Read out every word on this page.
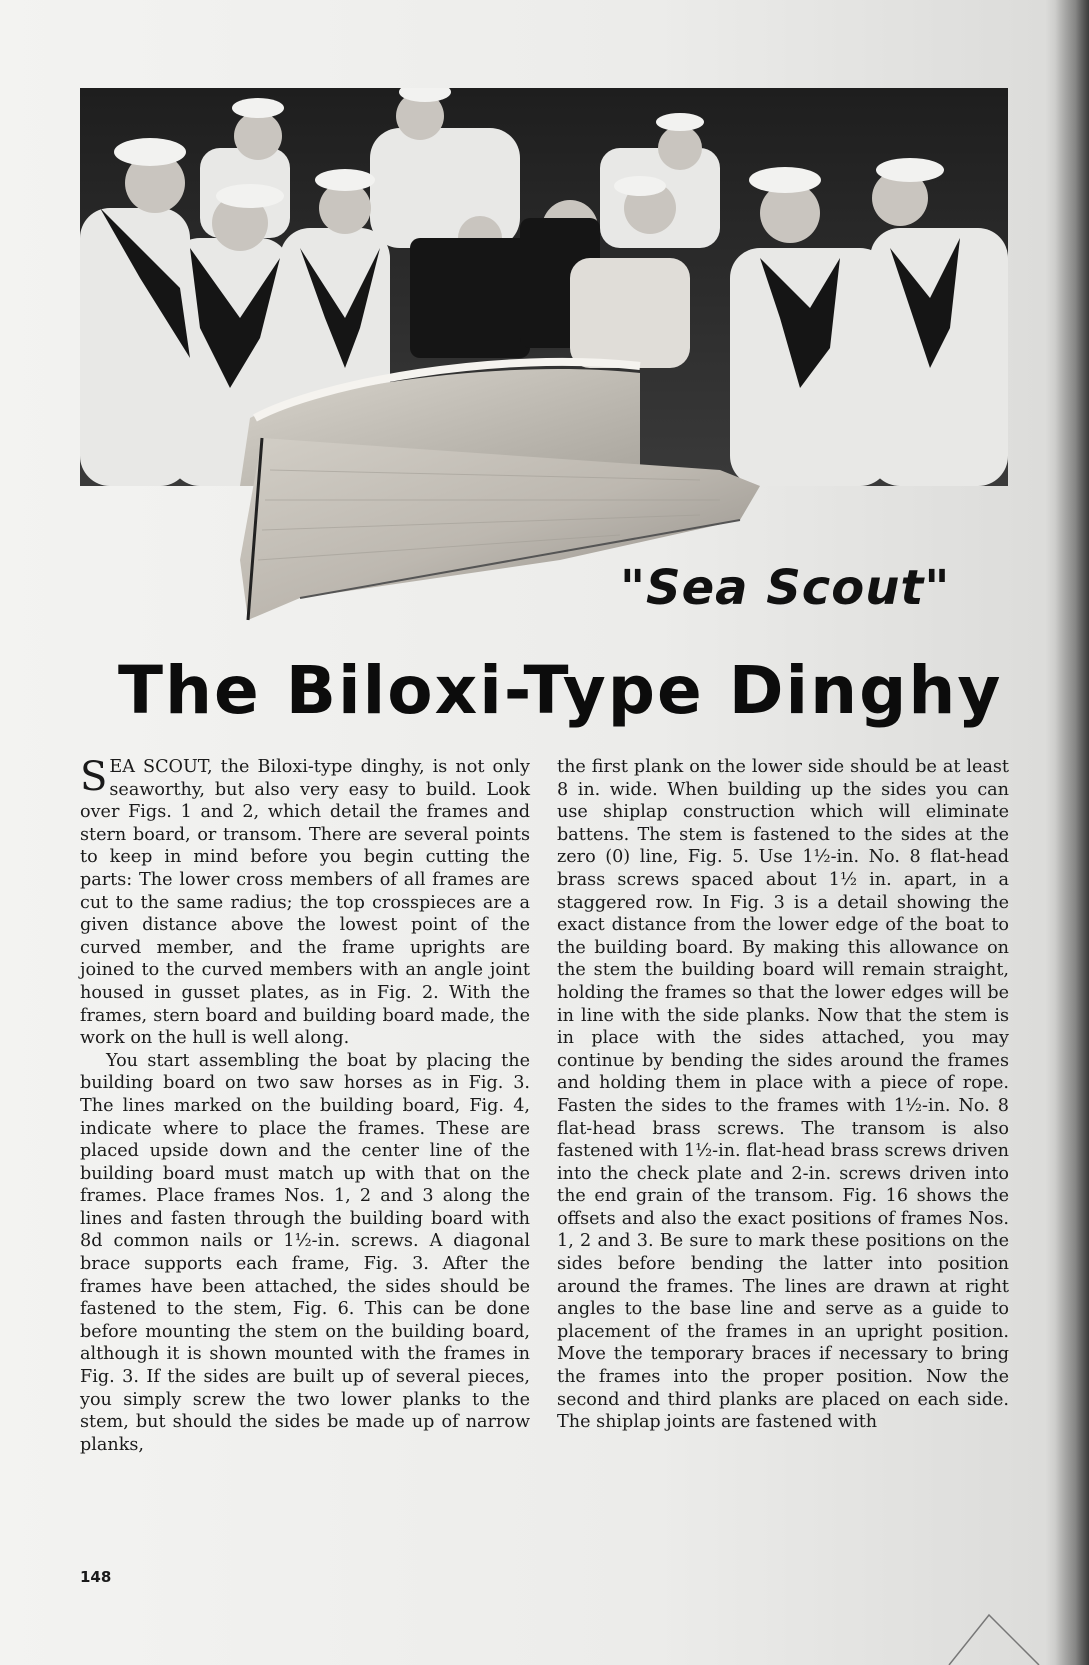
"Sea Scout"
The Biloxi-Type Dinghy

SEA SCOUT, the Biloxi-type dinghy, is not only seaworthy, but also very easy to build. Look over Figs. 1 and 2, which detail the frames and stern board, or transom. There are several points to keep in mind before you begin cutting the parts: The lower cross members of all frames are cut to the same radius; the top crosspieces are a given distance above the lowest point of the curved member, and the frame uprights are joined to the curved members with an angle joint housed in gusset plates, as in Fig. 2. With the frames, stern board and building board made, the work on the hull is well along.

You start assembling the boat by placing the building board on two saw horses as in Fig. 3. The lines marked on the building board, Fig. 4, indicate where to place the frames. These are placed upside down and the center line of the building board must match up with that on the frames. Place frames Nos. 1, 2 and 3 along the lines and fasten through the building board with 8d common nails or 1½-in. screws. A diagonal brace supports each frame, Fig. 3. After the frames have been attached, the sides should be fastened to the stem, Fig. 6. This can be done before mounting the stem on the building board, although it is shown mounted with the frames in Fig. 3. If the sides are built up of several pieces, you simply screw the two lower planks to the stem, but should the sides be made up of narrow planks,

the first plank on the lower side should be at least 8 in. wide. When building up the sides you can use shiplap construction which will eliminate battens. The stem is fastened to the sides at the zero (0) line, Fig. 5. Use 1½-in. No. 8 flat-head brass screws spaced about 1½ in. apart, in a staggered row. In Fig. 3 is a detail showing the exact distance from the lower edge of the boat to the building board. By making this allowance on the stem the building board will remain straight, holding the frames so that the lower edges will be in line with the side planks. Now that the stem is in place with the sides attached, you may continue by bending the sides around the frames and holding them in place with a piece of rope. Fasten the sides to the frames with 1½-in. No. 8 flat-head brass screws. The transom is also fastened with 1½-in. flat-head brass screws driven into the check plate and 2-in. screws driven into the end grain of the transom. Fig. 16 shows the offsets and also the exact positions of frames Nos. 1, 2 and 3. Be sure to mark these positions on the sides before bending the latter into position around the frames. The lines are drawn at right angles to the base line and serve as a guide to placement of the frames in an upright position. Move the temporary braces if necessary to bring the frames into the proper position. Now the second and third planks are placed on each side. The shiplap joints are fastened with

148
